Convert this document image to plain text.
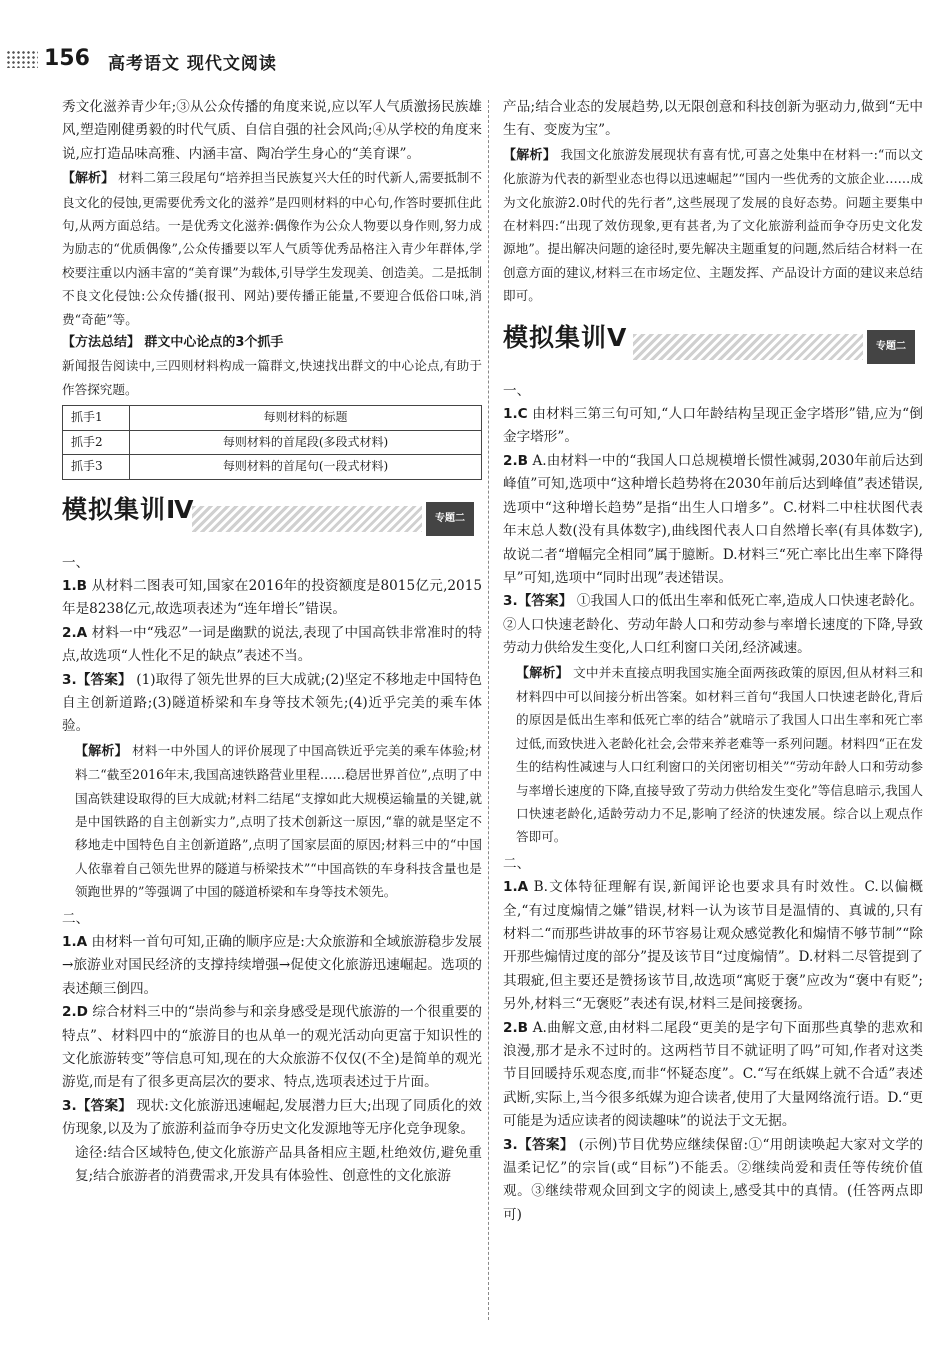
156 高考语文 现代文阅读

秀文化滋养青少年;③从公众传播的角度来说,应以军人气质激扬民族雄风,塑造刚健勇毅的时代气质、自信自强的社会风尚;④从学校的角度来说,应打造品味高雅、内涵丰富、陶冶学生身心的“美育课”。

【解析】 材料二第三段尾句“培养担当民族复兴大任的时代新人,需要抵制不良文化的侵蚀,更需要优秀文化的滋养”是四则材料的中心句,作答时要抓住此句,从两方面总结。一是优秀文化滋养:偶像作为公众人物要以身作则,努力成为励志的“优质偶像”,公众传播要以军人气质等优秀品格注入青少年群体,学校要注重以内涵丰富的“美育课”为载体,引导学生发现美、创造美。二是抵制不良文化侵蚀:公众传播(报刊、网站)要传播正能量,不要迎合低俗口味,消费“奇葩”等。

【方法总结】 群文中心论点的3个抓手

新闻报告阅读中,三四则材料构成一篇群文,快速找出群文的中心论点,有助于作答探究题。

抓手1	每则材料的标题
抓手2	每则材料的首尾段(多段式材料)
抓手3	每则材料的首尾句(一段式材料)
模拟集训Ⅳ	专题二

一、

1.B 从材料二图表可知,国家在2016年的投资额度是8015亿元,2015年是8238亿元,故选项表述为“连年增长”错误。

2.A 材料一中“残忍”一词是幽默的说法,表现了中国高铁非常准时的特点,故选项“人性化不足的缺点”表述不当。

3.【答案】 (1)取得了领先世界的巨大成就;(2)坚定不移地走中国特色自主创新道路;(3)隧道桥梁和车身等技术领先;(4)近乎完美的乘车体验。

【解析】 材料一中外国人的评价展现了中国高铁近乎完美的乘车体验;材料二“截至2016年末,我国高速铁路营业里程……稳居世界首位”,点明了中国高铁建设取得的巨大成就;材料二结尾“支撑如此大规模运输量的关键,就是中国铁路的自主创新实力”,点明了技术创新这一原因,“靠的就是坚定不移地走中国特色自主创新道路”,点明了国家层面的原因;材料三中的“中国人依靠着自己领先世界的隧道与桥梁技术”“中国高铁的车身科技含量也是领跑世界的”等强调了中国的隧道桥梁和车身等技术领先。

二、

1.A 由材料一首句可知,正确的顺序应是:大众旅游和全域旅游稳步发展→旅游业对国民经济的支撑持续增强→促使文化旅游迅速崛起。选项的表述颠三倒四。

2.D 综合材料三中的“崇尚参与和亲身感受是现代旅游的一个很重要的特点”、材料四中的“旅游目的也从单一的观光活动向更富于知识性的文化旅游转变”等信息可知,现在的大众旅游不仅仅(不全)是简单的观光游览,而是有了很多更高层次的要求、特点,选项表述过于片面。

3.【答案】 现状:文化旅游迅速崛起,发展潜力巨大;出现了同质化的效仿现象,以及为了旅游利益而争夺历史文化发源地等无序化竞争现象。

途径:结合区域特色,使文化旅游产品具备相应主题,杜绝效仿,避免重复;结合旅游者的消费需求,开发具有体验性、创意性的文化旅游

产品;结合业态的发展趋势,以无限创意和科技创新为驱动力,做到“无中生有、变废为宝”。

【解析】 我国文化旅游发展现状有喜有忧,可喜之处集中在材料一:“而以文化旅游为代表的新型业态也得以迅速崛起”“国内一些优秀的文旅企业……成为文化旅游2.0时代的先行者”,这些展现了发展的良好态势。问题主要集中在材料四:“出现了效仿现象,更有甚者,为了文化旅游利益而争夺历史文化发源地”。提出解决问题的途径时,要先解决主题重复的问题,然后结合材料一在创意方面的建议,材料三在市场定位、主题发挥、产品设计方面的建议来总结即可。

模拟集训Ⅴ	专题二

一、

1.C 由材料三第三句可知,“人口年龄结构呈现正金字塔形”错,应为“倒金字塔形”。

2.B A.由材料一中的“我国人口总规模增长惯性减弱,2030年前后达到峰值”可知,选项中“这种增长趋势将在2030年前后达到峰值”表述错误,选项中“这种增长趋势”是指“出生人口增多”。C.材料二中柱状图代表年末总人数(没有具体数字),曲线图代表人口自然增长率(有具体数字),故说二者“增幅完全相同”属于臆断。D.材料三“死亡率比出生率下降得早”可知,选项中“同时出现”表述错误。

3.【答案】 ①我国人口的低出生率和低死亡率,造成人口快速老龄化。②人口快速老龄化、劳动年龄人口和劳动参与率增长速度的下降,导致劳动力供给发生变化,人口红利窗口关闭,经济减速。

【解析】 文中并未直接点明我国实施全面两孩政策的原因,但从材料三和材料四中可以间接分析出答案。如材料三首句“我国人口快速老龄化,背后的原因是低出生率和低死亡率的结合”就暗示了我国人口出生率和死亡率过低,而致快进入老龄化社会,会带来养老难等一系列问题。材料四“正在发生的结构性减速与人口红利窗口的关闭密切相关”“劳动年龄人口和劳动参与率增长速度的下降,直接导致了劳动力供给发生变化”等信息暗示,我国人口快速老龄化,适龄劳动力不足,影响了经济的快速发展。综合以上观点作答即可。

二、

1.A B.文体特征理解有误,新闻评论也要求具有时效性。C.以偏概全,“有过度煽情之嫌”错误,材料一认为该节目是温情的、真诚的,只有材料二“而那些讲故事的环节容易让观众感觉教化和煽情不够节制”“除开那些煽情过度的部分”提及该节目“过度煽情”。D.材料二尽管提到了其瑕疵,但主要还是赞扬该节目,故选项“寓贬于褒”应改为“褒中有贬”;另外,材料三“无褒贬”表述有误,材料三是间接褒扬。

2.B A.曲解文意,由材料二尾段“更美的是字句下面那些真挚的悲欢和浪漫,那才是永不过时的。这两档节目不就证明了吗”可知,作者对这类节目回暖持乐观态度,而非“怀疑态度”。C.“写在纸媒上就不合适”表述武断,实际上,当今很多纸媒为迎合读者,使用了大量网络流行语。D.“更可能是为适应读者的阅读趣味”的说法于文无据。

3.【答案】 (示例)节目优势应继续保留:①“用朗读唤起大家对文学的温柔记忆”的宗旨(或“目标”)不能丢。②继续尚爱和责任等传统价值观。③继续带观众回到文字的阅读上,感受其中的真情。(任答两点即可)
